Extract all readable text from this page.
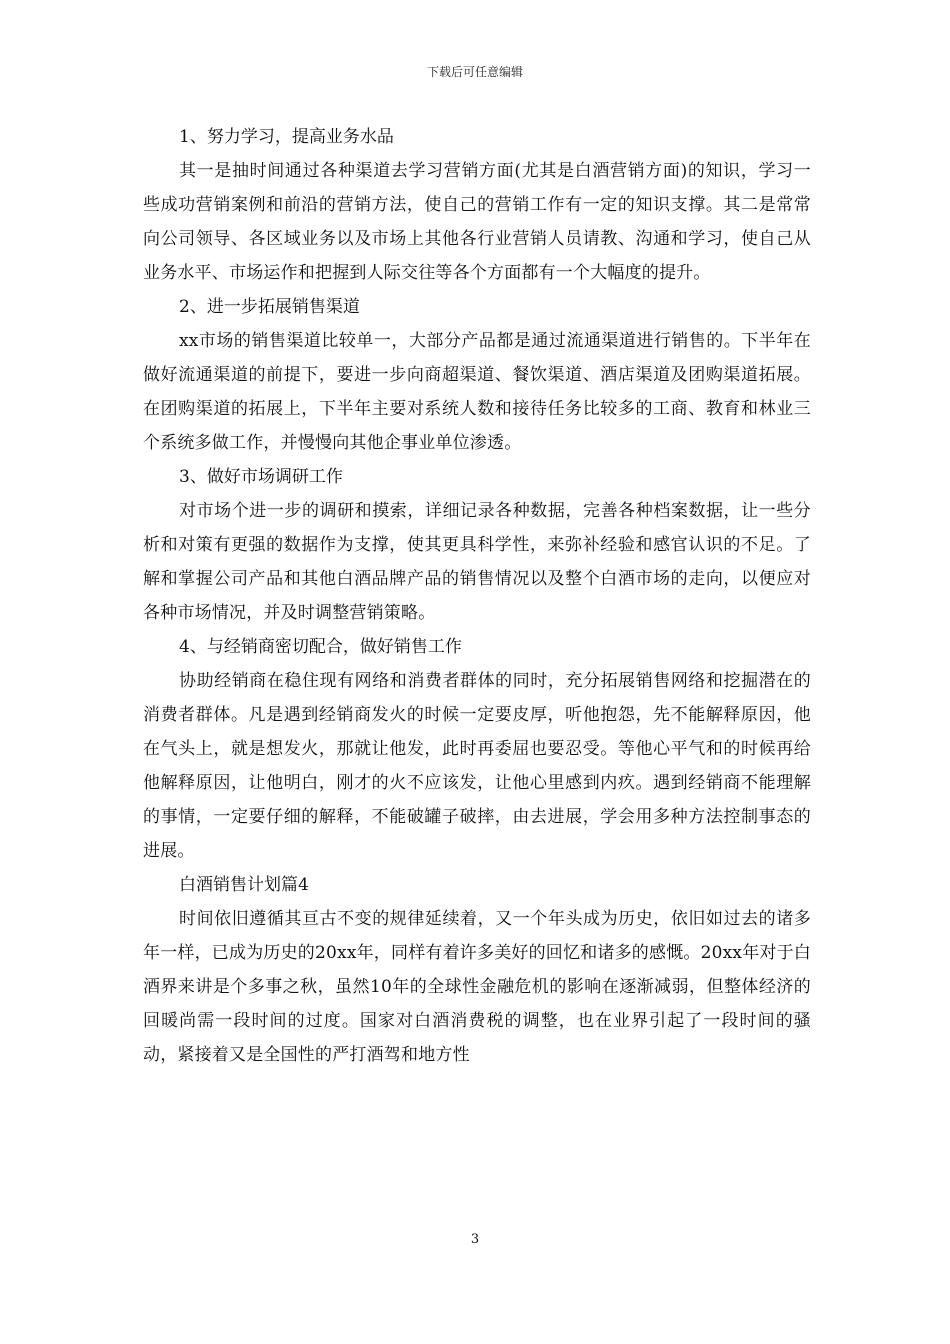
下载后可任意编辑

1、努力学习，提高业务水品

其一是抽时间通过各种渠道去学习营销方面(尤其是白酒营销方面)的知识，学习一些成功营销案例和前沿的营销方法，使自己的营销工作有一定的知识支撑。其二是常常向公司领导、各区域业务以及市场上其他各行业营销人员请教、沟通和学习，使自己从业务水平、市场运作和把握到人际交往等各个方面都有一个大幅度的提升。

2、进一步拓展销售渠道

xx市场的销售渠道比较单一，大部分产品都是通过流通渠道进行销售的。下半年在做好流通渠道的前提下，要进一步向商超渠道、餐饮渠道、酒店渠道及团购渠道拓展。在团购渠道的拓展上，下半年主要对系统人数和接待任务比较多的工商、教育和林业三个系统多做工作，并慢慢向其他企事业单位渗透。

3、做好市场调研工作

对市场个进一步的调研和摸索，详细记录各种数据，完善各种档案数据，让一些分析和对策有更强的数据作为支撑，使其更具科学性，来弥补经验和感官认识的不足。了解和掌握公司产品和其他白酒品牌产品的销售情况以及整个白酒市场的走向，以便应对各种市场情况，并及时调整营销策略。

4、与经销商密切配合，做好销售工作

协助经销商在稳住现有网络和消费者群体的同时，充分拓展销售网络和挖掘潜在的消费者群体。凡是遇到经销商发火的时候一定要皮厚，听他抱怨，先不能解释原因，他在气头上，就是想发火，那就让他发，此时再委屈也要忍受。等他心平气和的时候再给他解释原因，让他明白，刚才的火不应该发，让他心里感到内疚。遇到经销商不能理解的事情，一定要仔细的解释，不能破罐子破摔，由去进展，学会用多种方法控制事态的进展。

白酒销售计划篇4

时间依旧遵循其亘古不变的规律延续着，又一个年头成为历史，依旧如过去的诸多年一样，已成为历史的20xx年，同样有着许多美好的回忆和诸多的感慨。20xx年对于白酒界来讲是个多事之秋，虽然10年的全球性金融危机的影响在逐渐减弱，但整体经济的回暖尚需一段时间的过度。国家对白酒消费税的调整，也在业界引起了一段时间的骚动，紧接着又是全国性的严打酒驾和地方性

3
